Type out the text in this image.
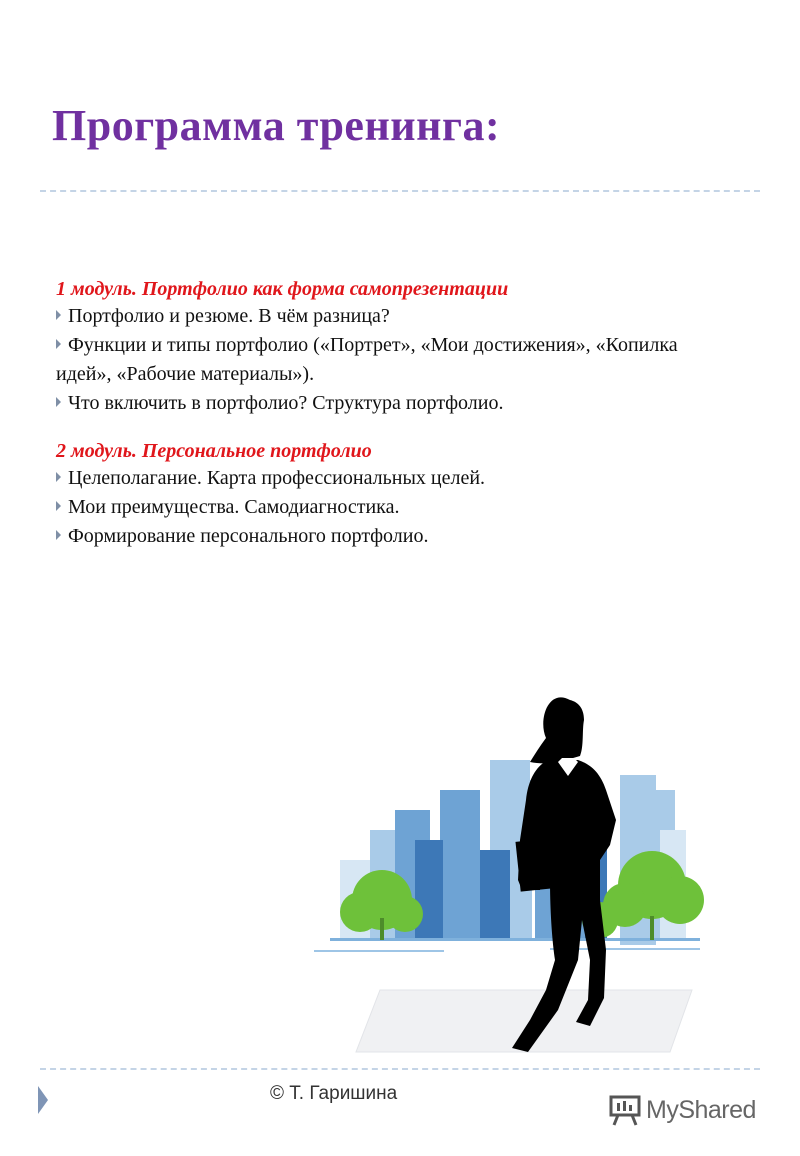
Программа тренинга:

1 модуль. Портфолио как форма самопрезентации

Портфолио и резюме. В чём разница?

Функции и типы портфолио («Портрет», «Мои достижения», «Копилка идей», «Рабочие материалы»).

Что включить в портфолио? Структура портфолио.

2 модуль. Персональное портфолио

Целеполагание. Карта профессиональных целей.

Мои преимущества. Самодиагностика.

Формирование персонального портфолио.

© Т. Гаришина
MyShared
